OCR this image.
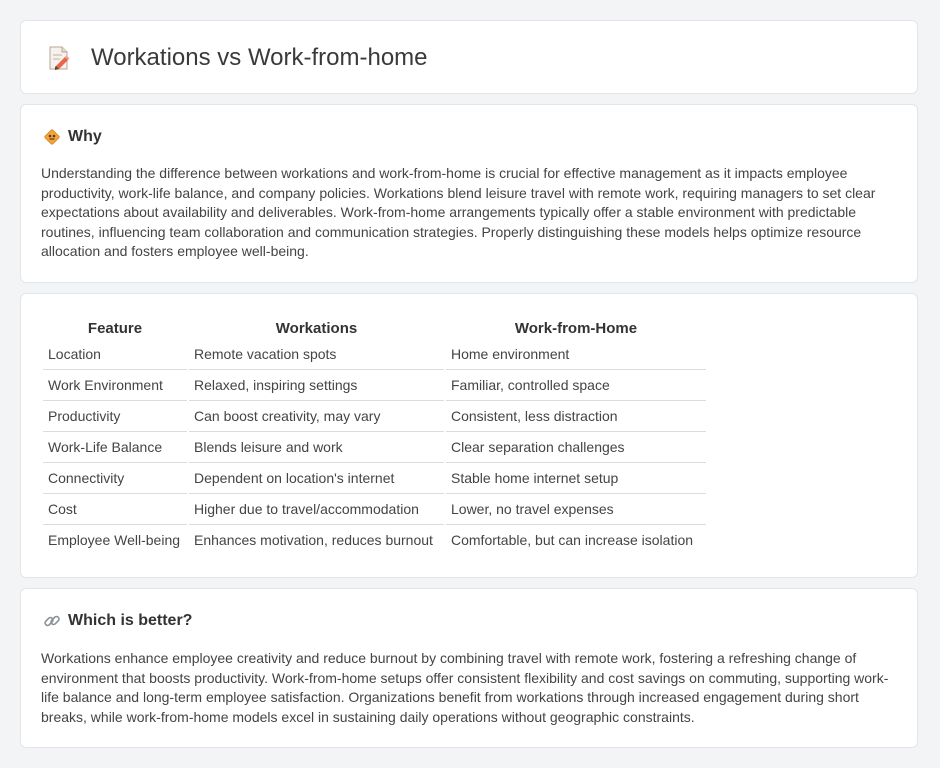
Workations vs Work-from-home
Why

Understanding the difference between workations and work-from-home is crucial for effective management as it impacts employee productivity, work-life balance, and company policies. Workations blend leisure travel with remote work, requiring managers to set clear expectations about availability and deliverables. Work-from-home arrangements typically offer a stable environment with predictable routines, influencing team collaboration and communication strategies. Properly distinguishing these models helps optimize resource allocation and fosters employee well-being.

Feature	Workations	Work-from-Home
Location	Remote vacation spots	Home environment
Work Environment	Relaxed, inspiring settings	Familiar, controlled space
Productivity	Can boost creativity, may vary	Consistent, less distraction
Work-Life Balance	Blends leisure and work	Clear separation challenges
Connectivity	Dependent on location's internet	Stable home internet setup
Cost	Higher due to travel/accommodation	Lower, no travel expenses
Employee Well-being	Enhances motivation, reduces burnout	Comfortable, but can increase isolation
Which is better?

Workations enhance employee creativity and reduce burnout by combining travel with remote work, fostering a refreshing change of environment that boosts productivity. Work-from-home setups offer consistent flexibility and cost savings on commuting, supporting work-life balance and long-term employee satisfaction. Organizations benefit from workations through increased engagement during short breaks, while work-from-home models excel in sustaining daily operations without geographic constraints.
